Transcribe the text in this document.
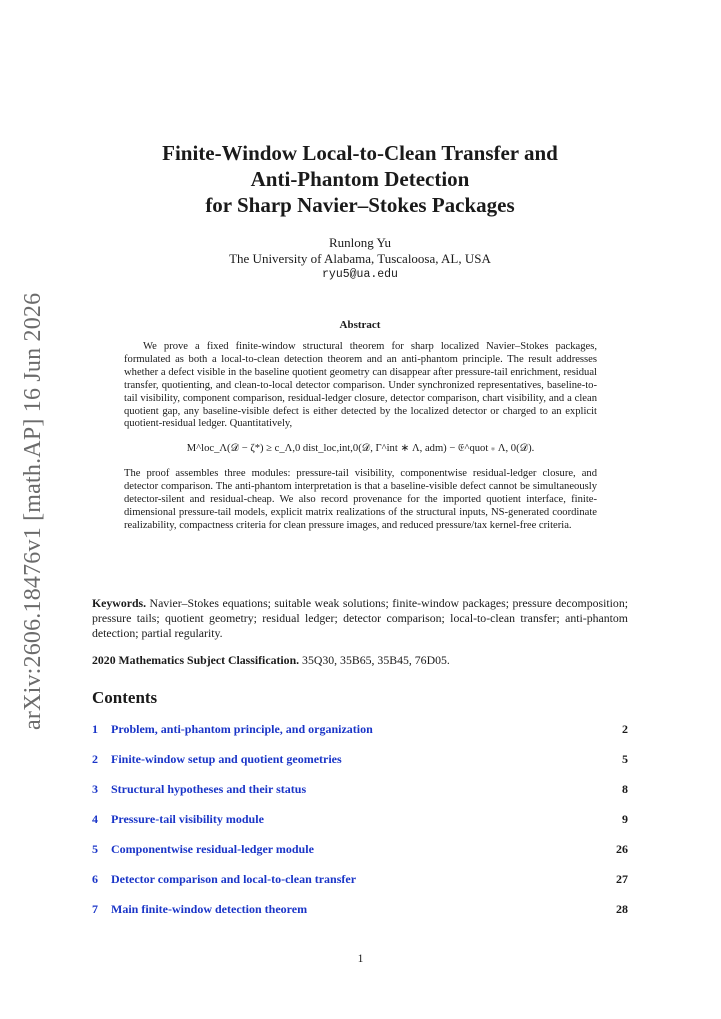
arXiv:2606.18476v1 [math.AP] 16 Jun 2026
Finite-Window Local-to-Clean Transfer and
Anti-Phantom Detection
for Sharp Navier–Stokes Packages
Runlong Yu
The University of Alabama, Tuscaloosa, AL, USA
ryu5@ua.edu
Abstract

We prove a fixed finite-window structural theorem for sharp localized Navier–Stokes packages, formulated as both a local-to-clean detection theorem and an anti-phantom principle. The result addresses whether a defect visible in the baseline quotient geometry can disappear after pressure-tail enrichment, residual transfer, quotienting, and clean-to-local detector comparison. Under synchronized representatives, baseline-to-tail visibility, component comparison, residual-ledger closure, detector comparison, chart visibility, and a clean quotient gap, any baseline-visible defect is either detected by the localized detector or charged to an explicit quotient-residual ledger. Quantitatively,

M^loc_Λ(𝒟 − ζ*) ≥ c_Λ,0 dist_loc,int,0(𝒟, Γ^int ∗ Λ, adm) − 𝔈^quot ∗ Λ, 0(𝒟).

The proof assembles three modules: pressure-tail visibility, componentwise residual-ledger closure, and detector comparison. The anti-phantom interpretation is that a baseline-visible defect cannot be simultaneously detector-silent and residual-cheap. We also record provenance for the imported quotient interface, finite-dimensional pressure-tail models, explicit matrix realizations of the structural inputs, NS-generated coordinate realizability, compactness criteria for clean pressure images, and reduced pressure/tax kernel-free criteria.

Keywords. Navier–Stokes equations; suitable weak solutions; finite-window packages; pressure decomposition; pressure tails; quotient geometry; residual ledger; detector comparison; local-to-clean transfer; anti-phantom detection; partial regularity.
2020 Mathematics Subject Classification. 35Q30, 35B65, 35B45, 76D05.
Contents
1 Problem, anti-phantom principle, and organization	2
2 Finite-window setup and quotient geometries	5
3 Structural hypotheses and their status	8
4 Pressure-tail visibility module	9
5 Componentwise residual-ledger module	26
6 Detector comparison and local-to-clean transfer	27
7 Main finite-window detection theorem	28
1
